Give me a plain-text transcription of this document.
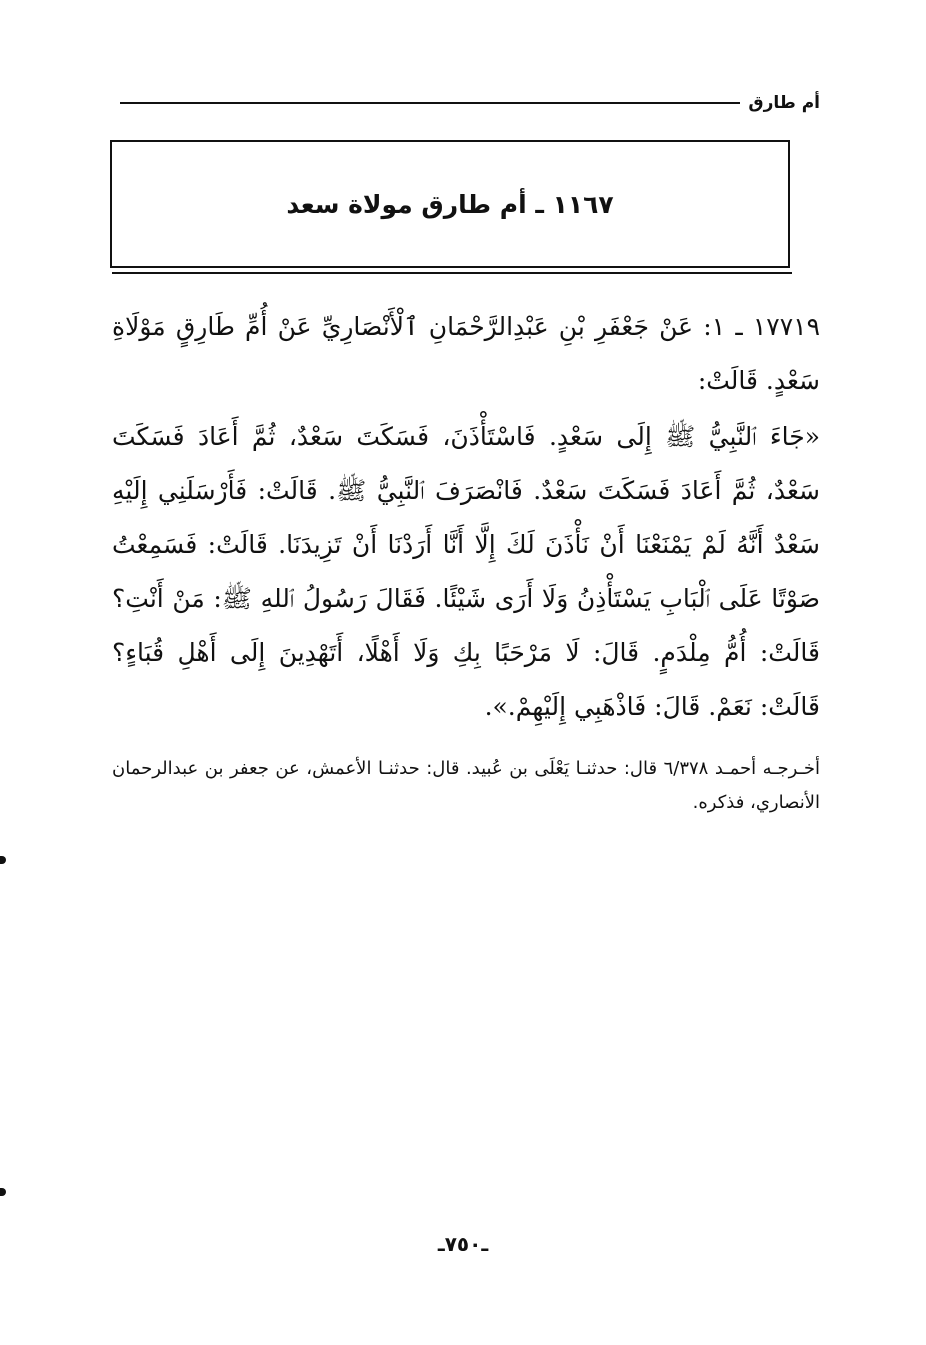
أم طارق
١١٦٧ ـ أم طارق مولاة سعد

١٧٧١٩ ـ ١: عَنْ جَعْفَرِ بْنِ عَبْدِالرَّحْمَانِ ٱلْأَنْصَارِيِّ عَنْ أُمِّ طَارِقٍ مَوْلَاةِ سَعْدٍ. قَالَتْ:

«جَاءَ ٱلنَّبِيُّ ﷺ إِلَى سَعْدٍ. فَاسْتَأْذَنَ، فَسَكَتَ سَعْدٌ، ثُمَّ أَعَادَ فَسَكَتَ سَعْدٌ، ثُمَّ أَعَادَ فَسَكَتَ سَعْدٌ. فَانْصَرَفَ ٱلنَّبِيُّ ﷺ. قَالَتْ: فَأَرْسَلَنِي إِلَيْهِ سَعْدٌ أَنَّهُ لَمْ يَمْنَعْنَا أَنْ نَأْذَنَ لَكَ إِلَّا أَنَّا أَرَدْنَا أَنْ تَزِيدَنَا. قَالَتْ: فَسَمِعْتُ صَوْتًا عَلَى ٱلْبَابِ يَسْتَأْذِنُ وَلَا أَرَى شَيْئًا. فَقَالَ رَسُولُ ٱللهِ ﷺ: مَنْ أَنْتِ؟ قَالَتْ: أُمُّ مِلْدَمٍ. قَالَ: لَا مَرْحَبًا بِكِ وَلَا أَهْلًا، أَتَهْدِينَ إِلَى أَهْلِ قُبَاءٍ؟ قَالَتْ: نَعَمْ. قَالَ: فَاذْهَبِي إِلَيْهِمْ.».

أخـرجـه أحمـد ٦/٣٧٨ قال: حدثنـا يَعْلَى بن عُبيد. قال: حدثنـا الأعمش، عن جعفر بن عبدالرحمان الأنصاري، فذكره.
ـ٧٥٠ـ
